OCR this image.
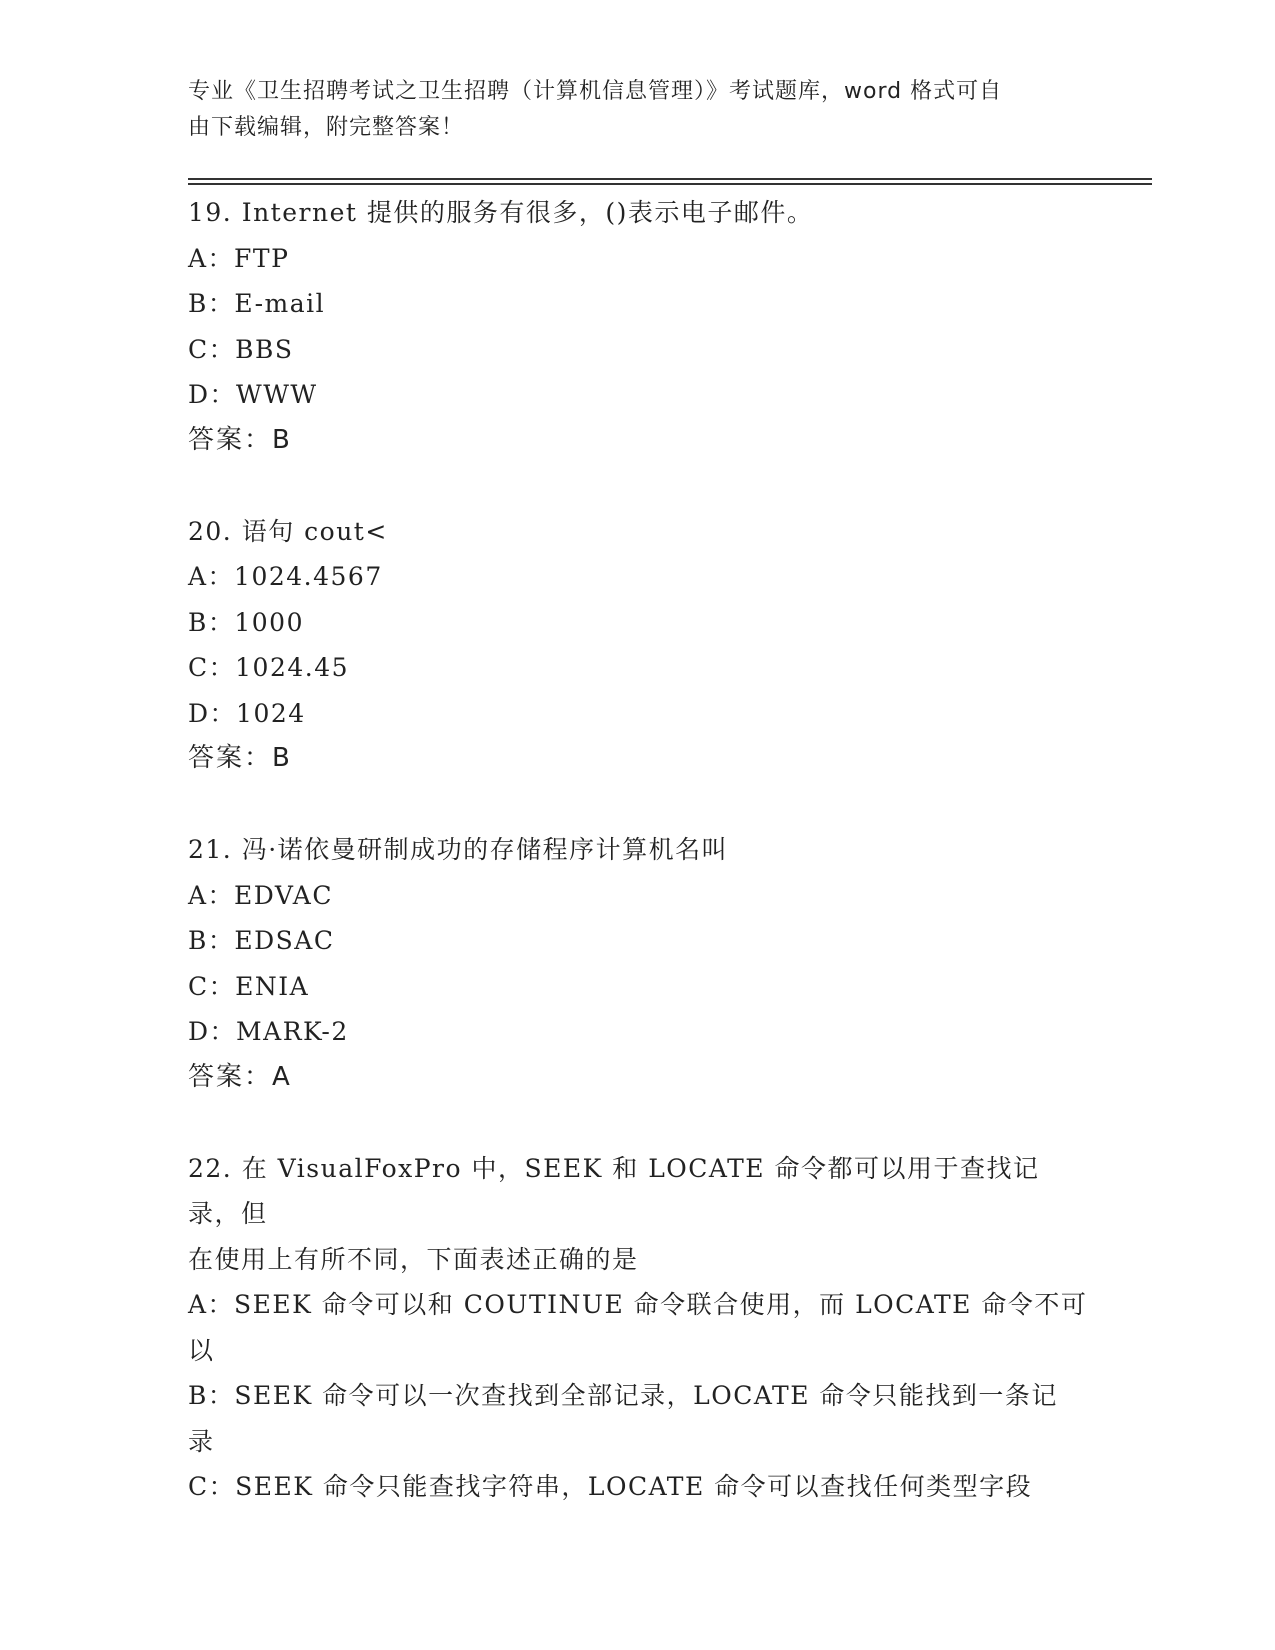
专业《卫生招聘考试之卫生招聘（计算机信息管理）》考试题库，word 格式可自
由下载编辑，附完整答案！

19. Internet 提供的服务有很多，()表示电子邮件。

A：FTP

B：E-mail

C：BBS

D：WWW

答案：B

20. 语句 cout<

A：1024.4567

B：1000

C：1024.45

D：1024

答案：B

21. 冯·诺依曼研制成功的存储程序计算机名叫

A：EDVAC

B：EDSAC

C：ENIA

D：MARK-2

答案：A

22. 在 VisualFoxPro 中，SEEK 和 LOCATE 命令都可以用于查找记录，但

在使用上有所不同，下面表述正确的是

A：SEEK 命令可以和 COUTINUE 命令联合使用，而 LOCATE 命令不可以

B：SEEK 命令可以一次查找到全部记录，LOCATE 命令只能找到一条记

录

C：SEEK 命令只能查找字符串，LOCATE 命令可以查找任何类型字段
